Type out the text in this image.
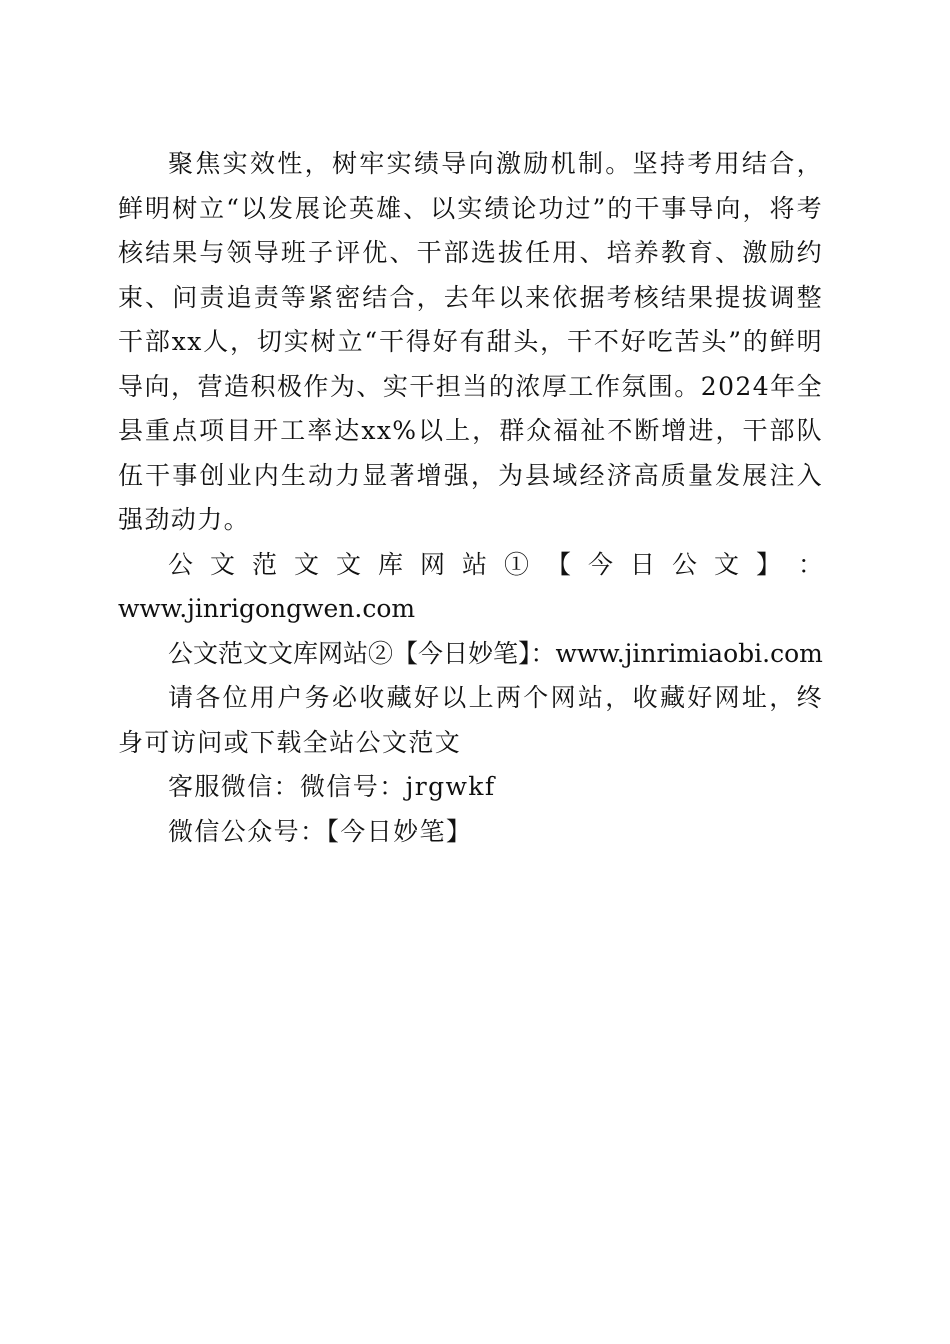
聚焦实效性，树牢实绩导向激励机制。坚持考用结合，鲜明树立“以发展论英雄、以实绩论功过”的干事导向，将考核结果与领导班子评优、干部选拔任用、培养教育、激励约束、问责追责等紧密结合，去年以来依据考核结果提拔调整干部xx人，切实树立“干得好有甜头，干不好吃苦头”的鲜明导向，营造积极作为、实干担当的浓厚工作氛围。2024年全县重点项目开工率达xx%以上，群众福祉不断增进，干部队伍干事创业内生动力显著增强，为县域经济高质量发展注入强劲动力。

公 文 范 文 文 库 网 站 ① 【 今 日 公 文 】 ：
www.jinrigongwen.com

公文范文文库网站②【今日妙笔】：www.jinrimiaobi.com

请各位用户务必收藏好以上两个网站，收藏好网址，终身可访问或下载全站公文范文

客服微信：微信号：jrgwkf

微信公众号：【今日妙笔】
